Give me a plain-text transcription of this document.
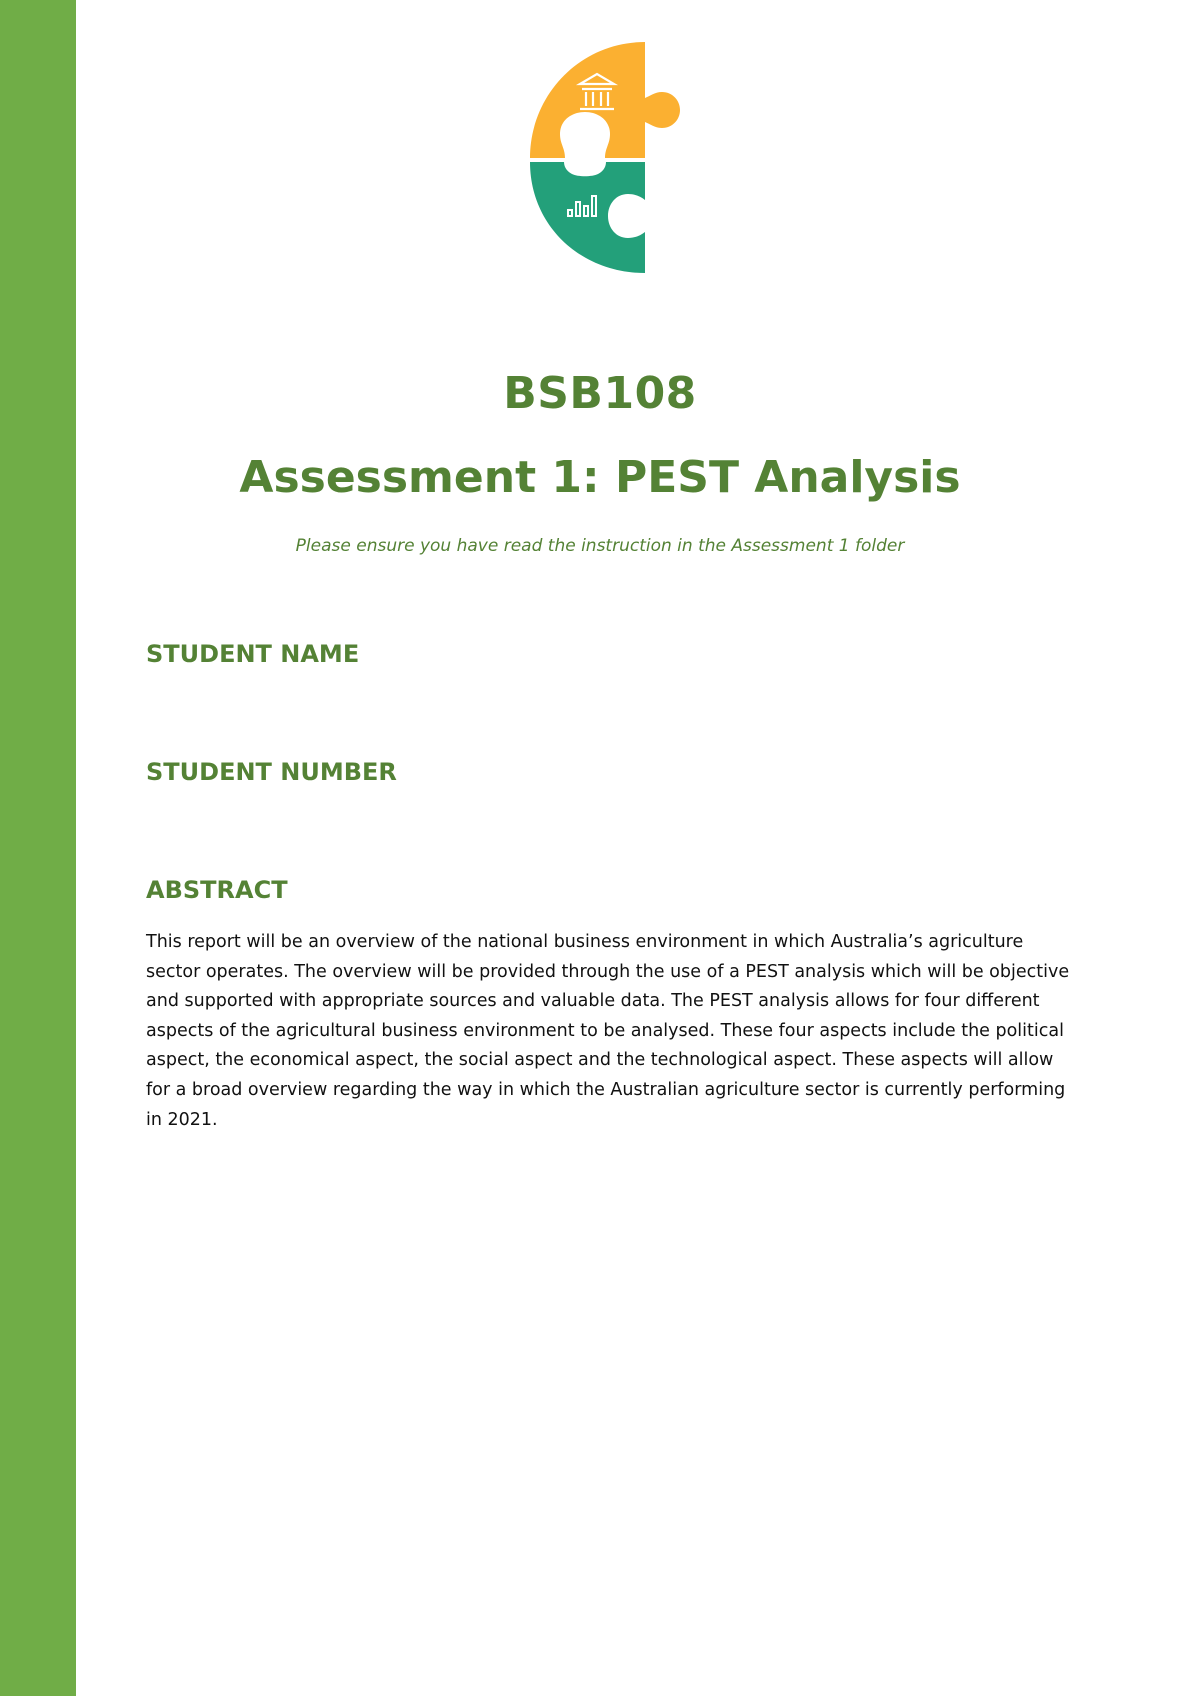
BSB108
Assessment 1: PEST Analysis
Please ensure you have read the instruction in the Assessment 1 folder
STUDENT NAME
STUDENT NUMBER
ABSTRACT
This report will be an overview of the national business environment in which Australia’s agriculture sector operates. The overview will be provided through the use of a PEST analysis which will be objective and supported with appropriate sources and valuable data. The PEST analysis allows for four different aspects of the agricultural business environment to be analysed. These four aspects include the political aspect, the economical aspect, the social aspect and the technological aspect. These aspects will allow for a broad overview regarding the way in which the Australian agriculture sector is currently performing in 2021.
